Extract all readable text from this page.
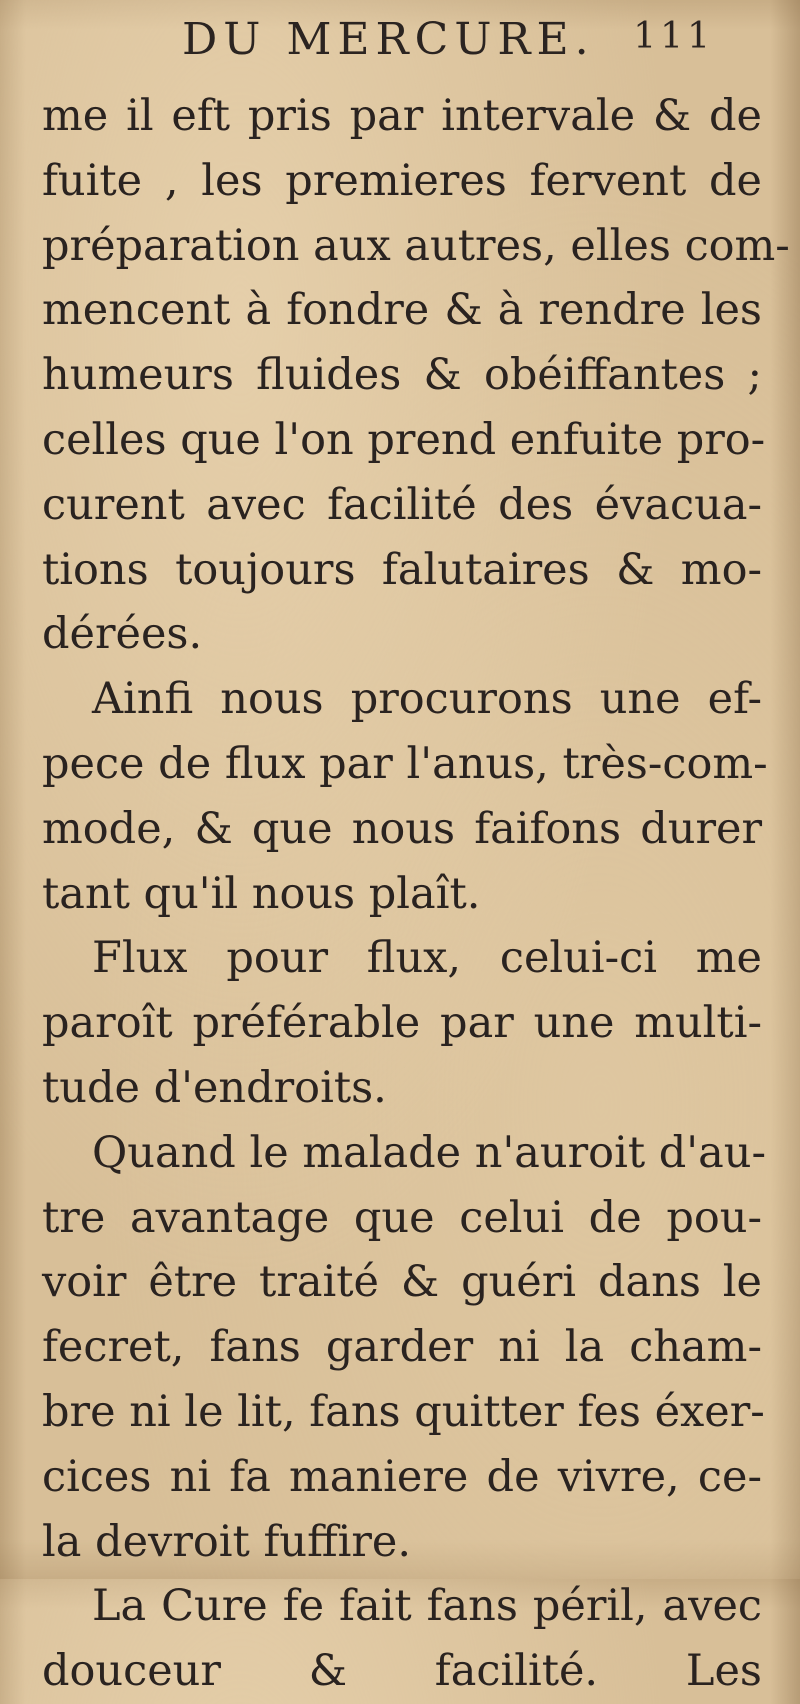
DU MERCURE. 111
me il eft pris par intervale & de
fuite , les premieres fervent de
préparation aux autres, elles com-
mencent à fondre & à rendre les
humeurs fluides & obéiffantes ;
celles que l'on prend enfuite pro-
curent avec facilité des évacua-
tions toujours falutaires & mo-
dérées.
Ainfi nous procurons une ef-
pece de flux par l'anus, très-com-
mode, & que nous faifons durer
tant qu'il nous plaît.
Flux pour flux, celui-ci me
paroît préférable par une multi-
tude d'endroits.
Quand le malade n'auroit d'au-
tre avantage que celui de pou-
voir être traité & guéri dans le
fecret, fans garder ni la cham-
bre ni le lit, fans quitter fes éxer-
cices ni fa maniere de vivre, ce-
la devroit fuffire.
La Cure fe fait fans péril, avec
douceur & facilité. Les
